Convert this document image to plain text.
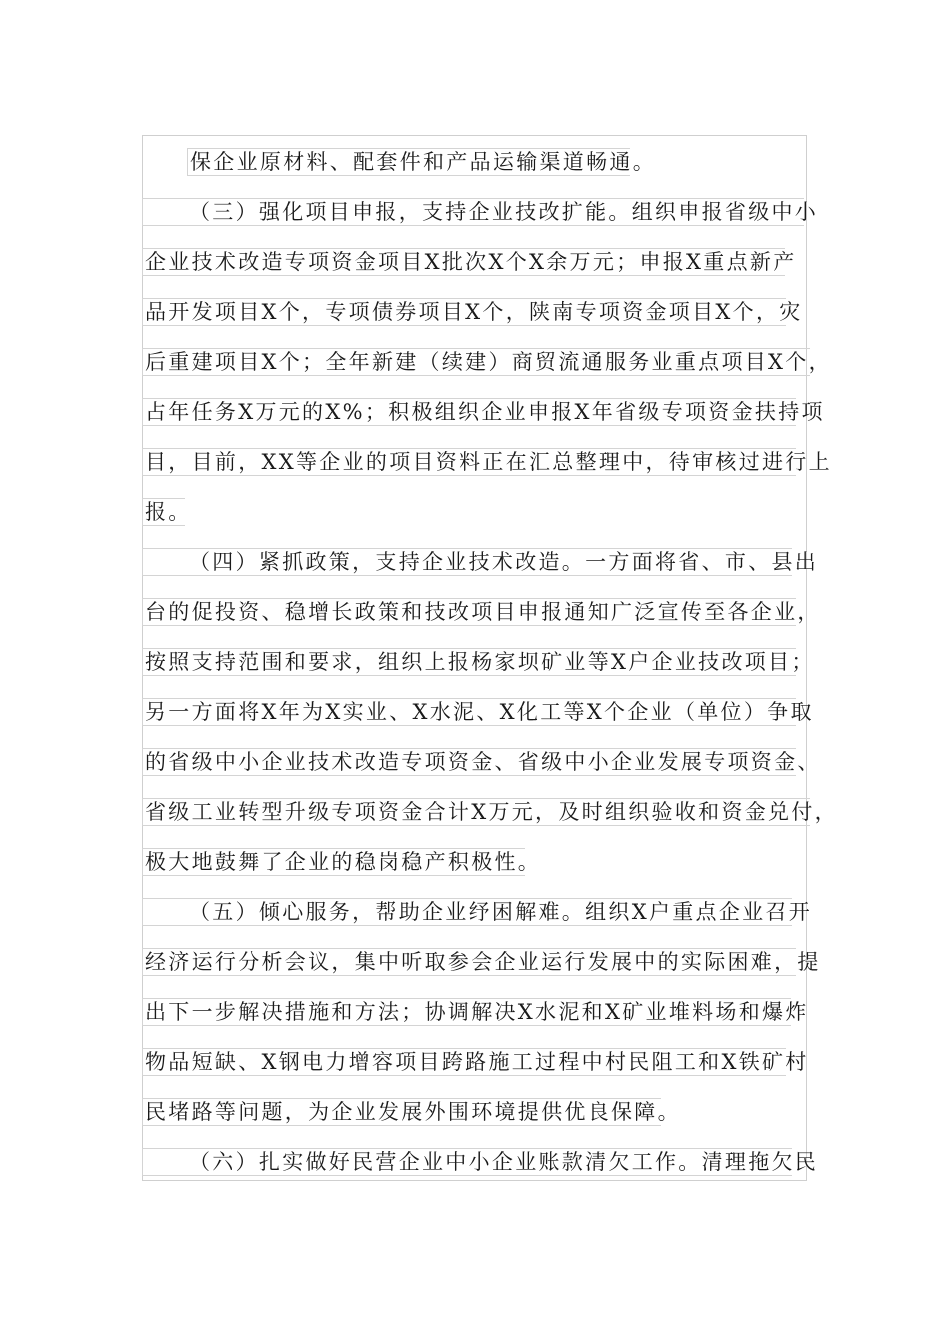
保企业原材料、配套件和产品运输渠道畅通。
（三）强化项目申报，支持企业技改扩能。组织申报省级中小
企业技术改造专项资金项目X批次X个X余万元；申报X重点新产
品开发项目X个，专项债券项目X个，陕南专项资金项目X个，灾
后重建项目X个；全年新建（续建）商贸流通服务业重点项目X个，
占年任务X万元的X%；积极组织企业申报X年省级专项资金扶持项
目，目前，XX等企业的项目资料正在汇总整理中，待审核过进行上
报。
（四）紧抓政策，支持企业技术改造。一方面将省、市、县出
台的促投资、稳增长政策和技改项目申报通知广泛宣传至各企业，
按照支持范围和要求，组织上报杨家坝矿业等X户企业技改项目；
另一方面将X年为X实业、X水泥、X化工等X个企业（单位）争取
的省级中小企业技术改造专项资金、省级中小企业发展专项资金、
省级工业转型升级专项资金合计X万元，及时组织验收和资金兑付，
极大地鼓舞了企业的稳岗稳产积极性。
（五）倾心服务，帮助企业纾困解难。组织X户重点企业召开
经济运行分析会议，集中听取参会企业运行发展中的实际困难，提
出下一步解决措施和方法；协调解决X水泥和X矿业堆料场和爆炸
物品短缺、X钢电力增容项目跨路施工过程中村民阻工和X铁矿村
民堵路等问题，为企业发展外围环境提供优良保障。
（六）扎实做好民营企业中小企业账款清欠工作。清理拖欠民
